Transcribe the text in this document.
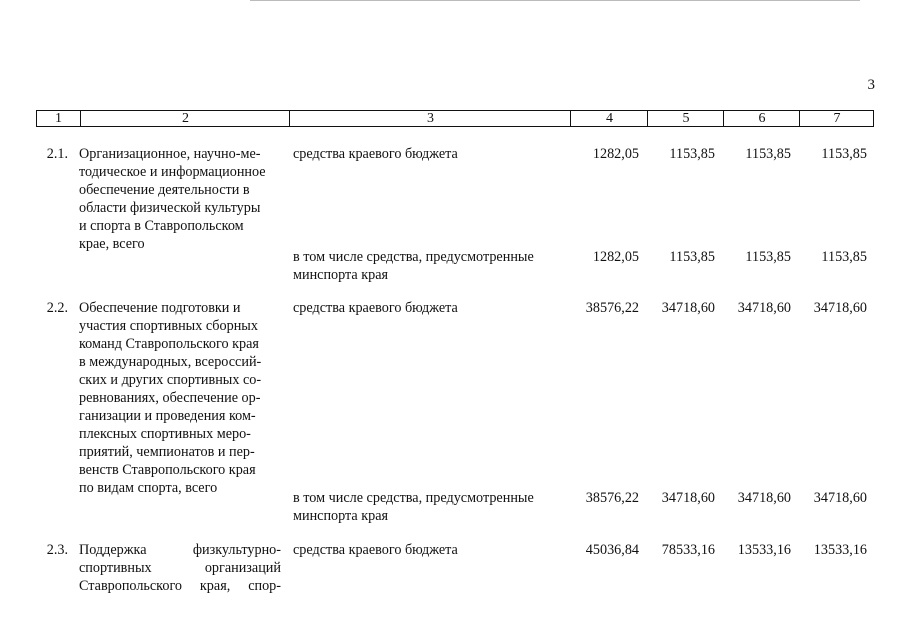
3
1	2	3	4	5	6	7
2.1. Организационное, научно-ме-
тодическое и информационное
обеспечение деятельности в
области физической культуры
и спорта в Ставропольском
крае, всего
средства краевого бюджета	1282,05	1153,85	1153,85	1153,85
в том числе средства, предусмотренные
минспорта края
1282,05	1153,85	1153,85	1153,85
2.2. Обеспечение подготовки и
участия спортивных сборных
команд Ставропольского края
в международных, всероссий-
ских и других спортивных со-
ревнованиях, обеспечение ор-
ганизации и проведения ком-
плексных спортивных меро-
приятий, чемпионатов и пер-
венств Ставропольского края
по видам спорта, всего
средства краевого бюджета	38576,22	34718,60	34718,60	34718,60
в том числе средства, предусмотренные
минспорта края
38576,22	34718,60	34718,60	34718,60
2.3. Поддержка физкультурно-
спортивных организаций
Ставропольского края, спор-
средства краевого бюджета	45036,84	78533,16	13533,16	13533,16
